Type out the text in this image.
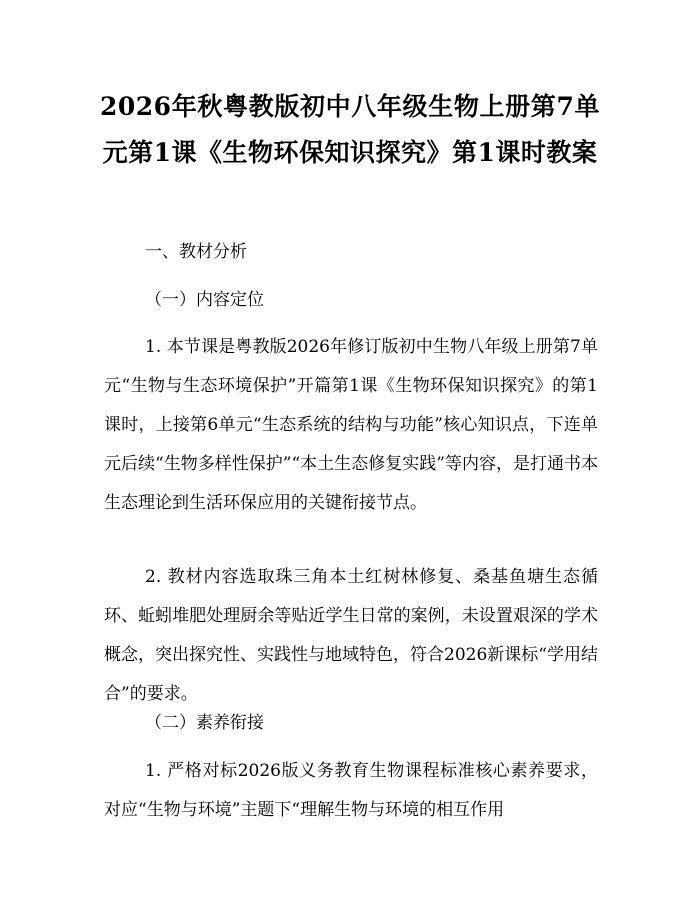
2026年秋粤教版初中八年级生物上册第7单元第1课《生物环保知识探究》第1课时教案

一、教材分析

（一）内容定位

1. 本节课是粤教版2026年修订版初中生物八年级上册第7单元“生物与生态环境保护”开篇第1课《生物环保知识探究》的第1课时，上接第6单元“生态系统的结构与功能”核心知识点，下连单元后续“生物多样性保护”“本土生态修复实践”等内容，是打通书本生态理论到生活环保应用的关键衔接节点。

2. 教材内容选取珠三角本土红树林修复、桑基鱼塘生态循环、蚯蚓堆肥处理厨余等贴近学生日常的案例，未设置艰深的学术概念，突出探究性、实践性与地域特色，符合2026新课标“学用结合”的要求。

（二）素养衔接

1. 严格对标2026版义务教育生物课程标准核心素养要求，对应“生物与环境”主题下“理解生物与环境的相互作用
